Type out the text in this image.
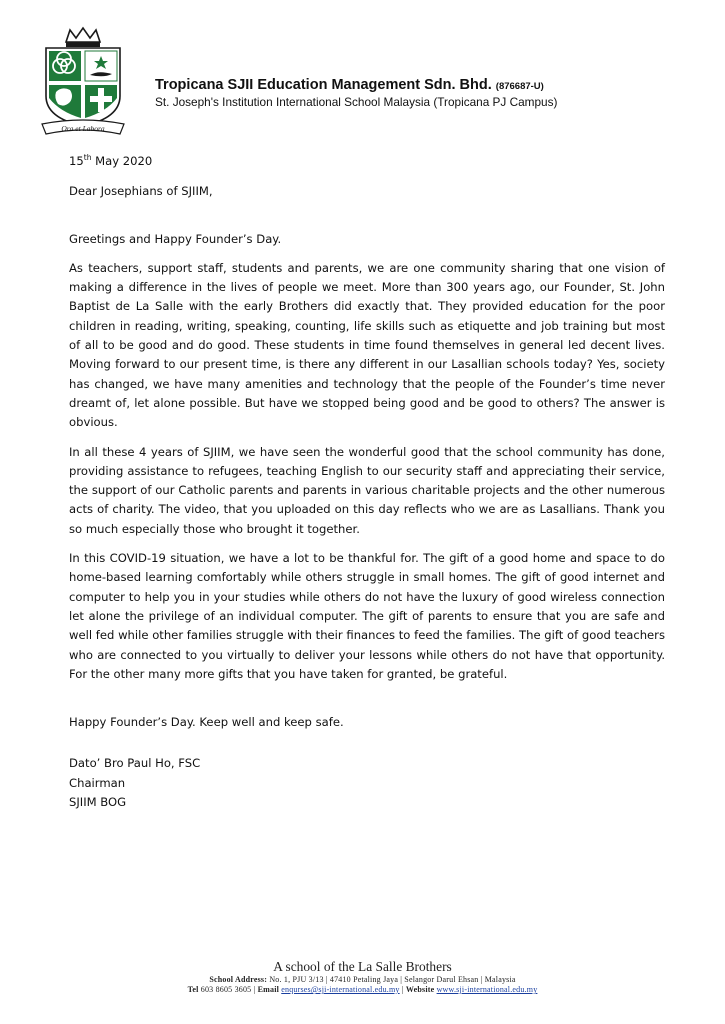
Ora et Labora
Tropicana SJII Education Management Sdn. Bhd. (876687-U)
St. Joseph's Institution International School Malaysia (Tropicana PJ Campus)

15th May 2020

Dear Josephians of SJIIM,

Greetings and Happy Founder’s Day.

As teachers, support staff, students and parents, we are one community sharing that one vision of making a difference in the lives of people we meet. More than 300 years ago, our Founder, St. John Baptist de La Salle with the early Brothers did exactly that. They provided education for the poor children in reading, writing, speaking, counting, life skills such as etiquette and job training but most of all to be good and do good. These students in time found themselves in general led decent lives. Moving forward to our present time, is there any different in our Lasallian schools today? Yes, society has changed, we have many amenities and technology that the people of the Founder’s time never dreamt of, let alone possible. But have we stopped being good and be good to others? The answer is obvious.

In all these 4 years of SJIIM, we have seen the wonderful good that the school community has done, providing assistance to refugees, teaching English to our security staff and appreciating their service, the support of our Catholic parents and parents in various charitable projects and the other numerous acts of charity. The video, that you uploaded on this day reflects who we are as Lasallians. Thank you so much especially those who brought it together.

In this COVID-19 situation, we have a lot to be thankful for. The gift of a good home and space to do home-based learning comfortably while others struggle in small homes. The gift of good internet and computer to help you in your studies while others do not have the luxury of good wireless connection let alone the privilege of an individual computer. The gift of parents to ensure that you are safe and well fed while other families struggle with their finances to feed the families. The gift of good teachers who are connected to you virtually to deliver your lessons while others do not have that opportunity. For the other many more gifts that you have taken for granted, be grateful.

Happy Founder’s Day. Keep well and keep safe.

Dato’ Bro Paul Ho, FSC
Chairman
SJIIM BOG

A school of the La Salle Brothers
School Address: No. 1, PJU 3/13 | 47410 Petaling Jaya | Selangor Darul Ehsan | Malaysia
Tel 603 8605 3605 | Email enqurses@sji-international.edu.my | Website www.sji-international.edu.my
